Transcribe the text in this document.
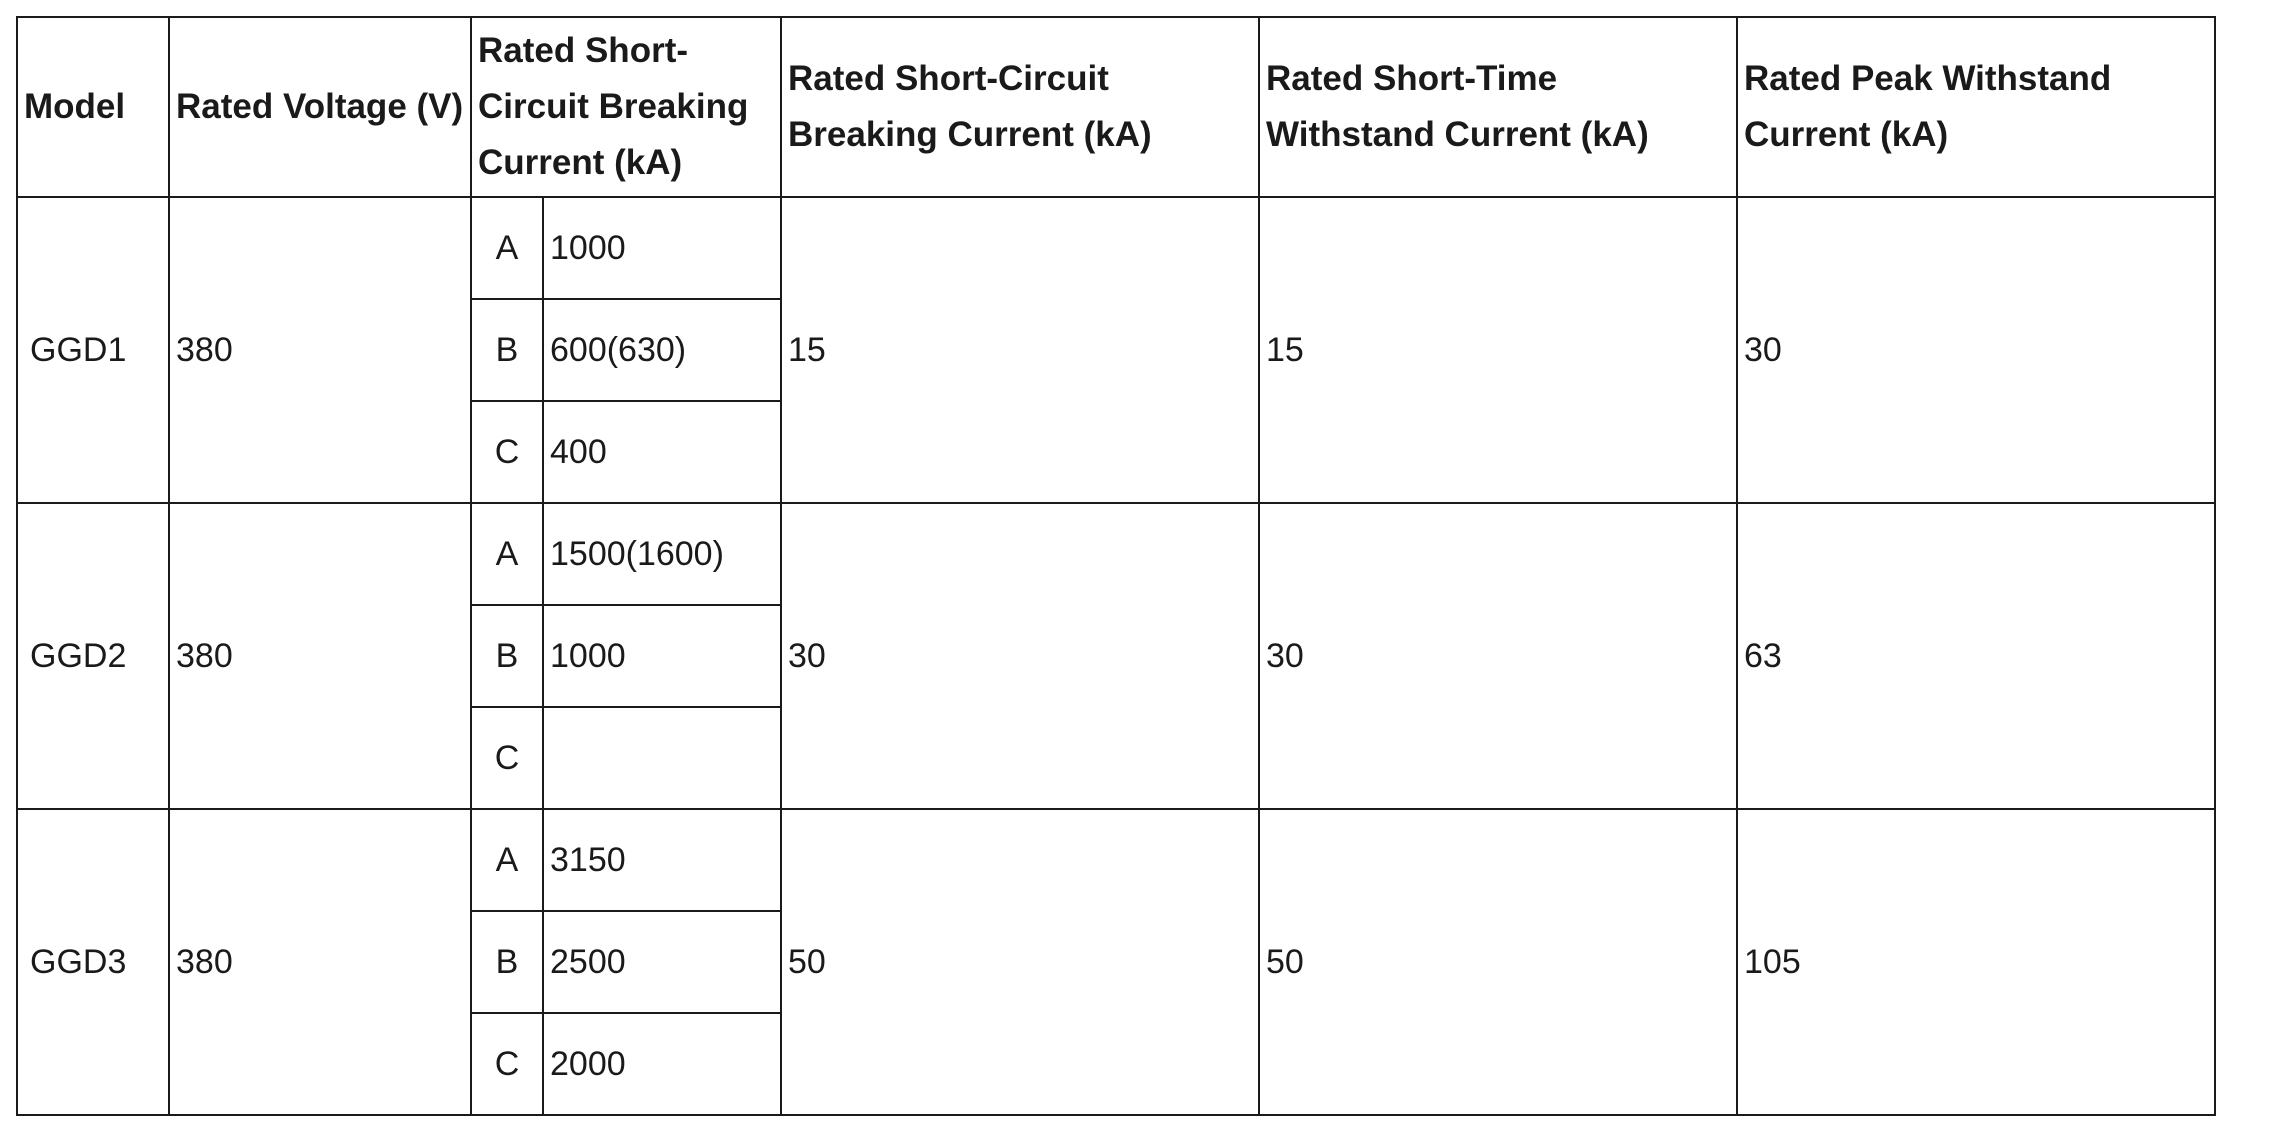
Model	Rated Voltage (V)	Rated Short-Circuit Breaking Current (kA)		Rated Short-Circuit Breaking Current (kA)	Rated Short-Time Withstand Current (kA)	Rated Peak Withstand Current (kA)
GGD1	380	A	1000	15	15	30
		B	600(630)			
		C	400			
GGD2	380	A	1500(1600)	30	30	63
		B	1000			
		C				
GGD3	380	A	3150	50	50	105
		B	2500			
		C	2000			
